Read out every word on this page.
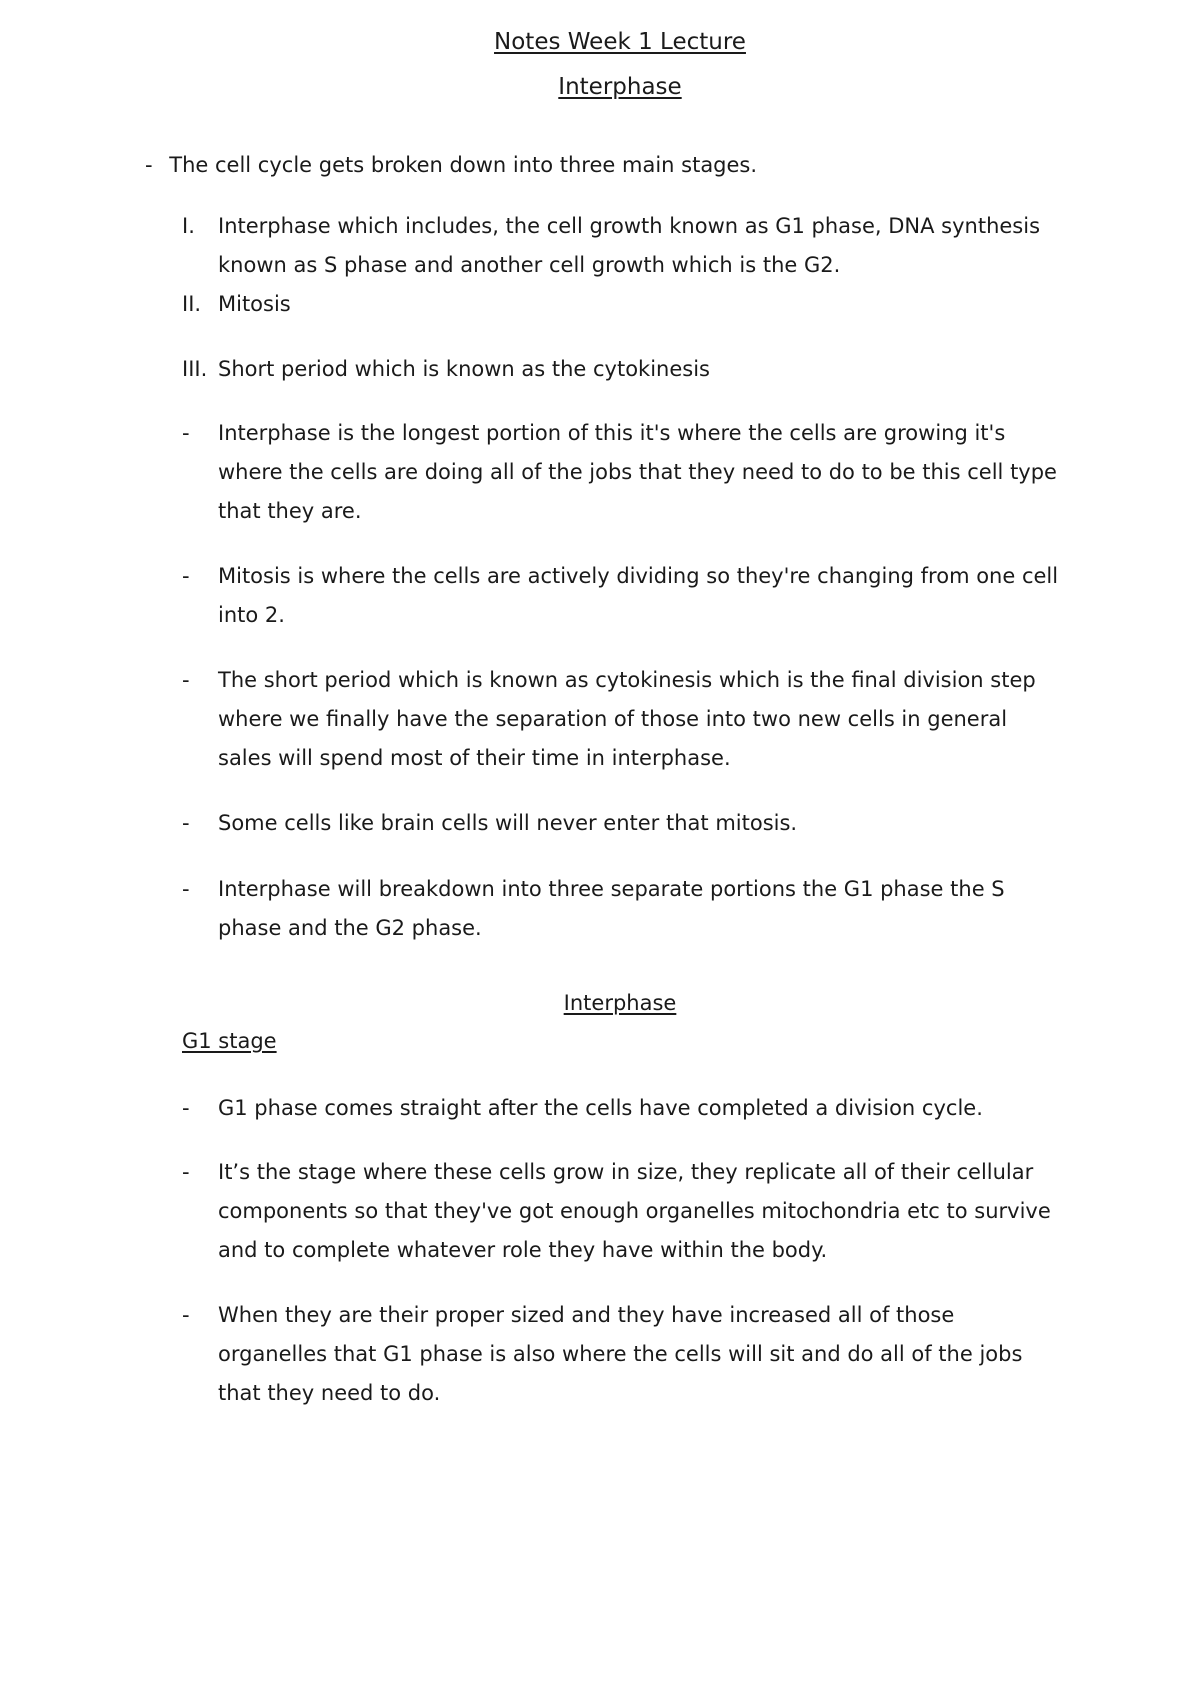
Notes Week 1 Lecture
Interphase
- The cell cycle gets broken down into three main stages.
I. Interphase which includes, the cell growth known as G1 phase, DNA synthesis known as S phase and another cell growth which is the G2.
II. Mitosis
III. Short period which is known as the cytokinesis
- Interphase is the longest portion of this it's where the cells are growing it's where the cells are doing all of the jobs that they need to do to be this cell type that they are.
- Mitosis is where the cells are actively dividing so they're changing from one cell into 2.
- The short period which is known as cytokinesis which is the final division step where we finally have the separation of those into two new cells in general sales will spend most of their time in interphase.
- Some cells like brain cells will never enter that mitosis.
- Interphase will breakdown into three separate portions the G1 phase the S phase and the G2 phase.
Interphase
G1 stage
- G1 phase comes straight after the cells have completed a division cycle.
- It’s the stage where these cells grow in size, they replicate all of their cellular components so that they've got enough organelles mitochondria etc to survive and to complete whatever role they have within the body.
- When they are their proper sized and they have increased all of those organelles that G1 phase is also where the cells will sit and do all of the jobs that they need to do.
